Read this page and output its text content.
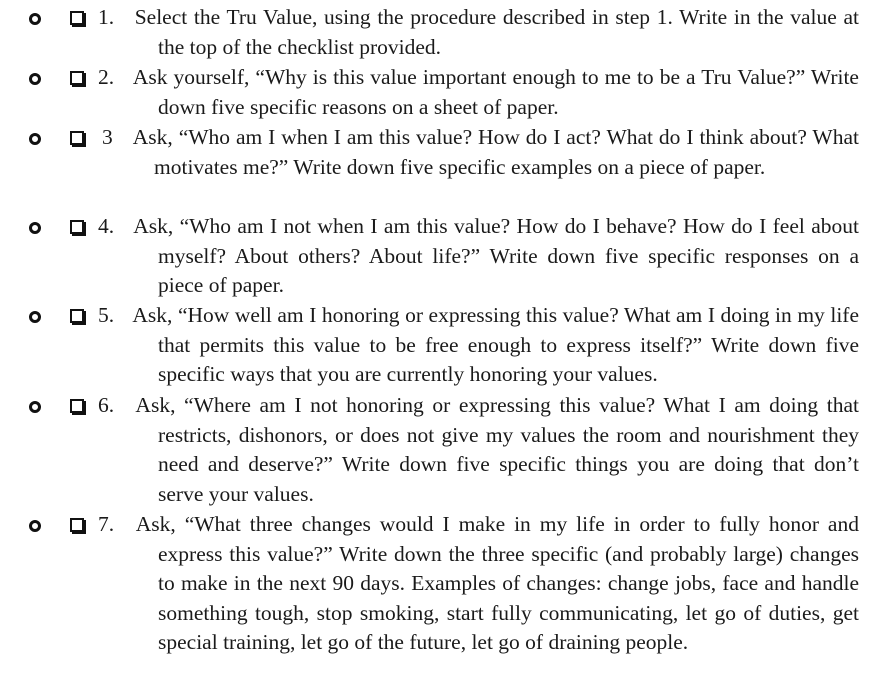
1. Select the Tru Value, using the procedure described in step 1. Write in the value at the top of the checklist provided.
2. Ask yourself, “Why is this value important enough to me to be a Tru Value?” Write down five specific reasons on a sheet of paper.
3 Ask, “Who am I when I am this value? How do I act? What do I think about? What motivates me?” Write down five specific examples on a piece of paper.
4. Ask, “Who am I not when I am this value? How do I behave? How do I feel about myself? About others? About life?” Write down five specific responses on a piece of paper.
5. Ask, “How well am I honoring or expressing this value? What am I doing in my life that permits this value to be free enough to express itself?” Write down five specific ways that you are currently honoring your values.
6. Ask, “Where am I not honoring or expressing this value? What I am doing that restricts, dishonors, or does not give my values the room and nourishment they need and deserve?” Write down five specific things you are doing that don’t serve your values.
7. Ask, “What three changes would I make in my life in order to fully honor and express this value?” Write down the three specific (and probably large) changes to make in the next 90 days. Examples of changes: change jobs, face and handle something tough, stop smoking, start fully communicating, let go of duties, get special training, let go of the future, let go of draining people.
